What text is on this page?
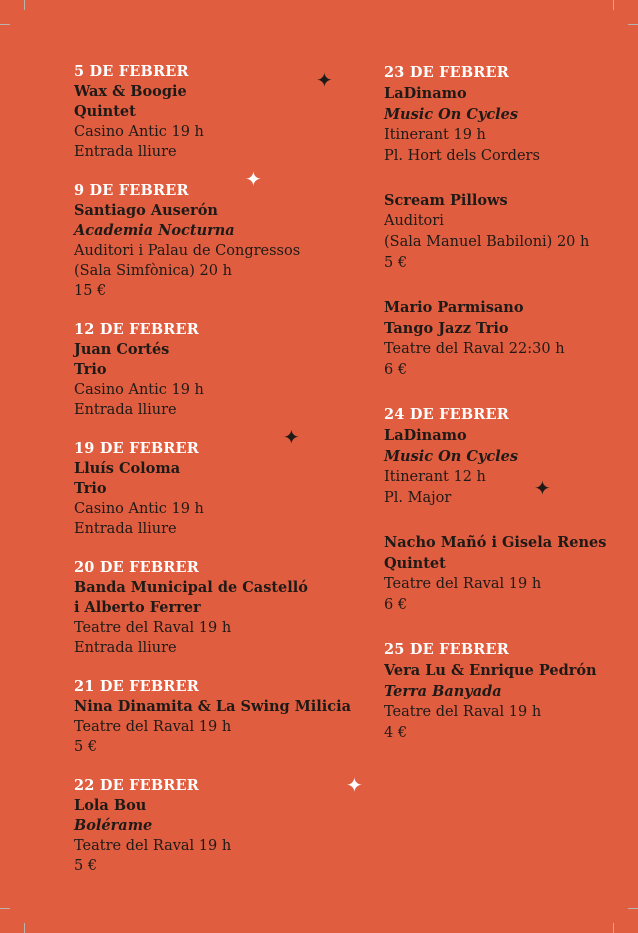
5 DE FEBRER
Wax & Boogie
Quintet
Casino Antic 19 h
Entrada lliure
9 DE FEBRER
Santiago Auserón
Academia Nocturna
Auditori i Palau de Congressos
(Sala Simfònica) 20 h
15 €
12 DE FEBRER
Juan Cortés
Trio
Casino Antic 19 h
Entrada lliure
19 DE FEBRER
Lluís Coloma
Trio
Casino Antic 19 h
Entrada lliure
20 DE FEBRER
Banda Municipal de Castelló
i Alberto Ferrer
Teatre del Raval 19 h
Entrada lliure
21 DE FEBRER
Nina Dinamita & La Swing Milicia
Teatre del Raval 19 h
5 €
22 DE FEBRER
Lola Bou
Bolérame
Teatre del Raval 19 h
5 €
23 DE FEBRER
LaDinamo
Music On Cycles
Itinerant 19 h
Pl. Hort dels Corders
Scream Pillows
Auditori
(Sala Manuel Babiloni) 20 h
5 €
Mario Parmisano
Tango Jazz Trio
Teatre del Raval 22:30 h
6 €
24 DE FEBRER
LaDinamo
Music On Cycles
Itinerant 12 h
Pl. Major
Nacho Mañó i Gisela Renes
Quintet
Teatre del Raval 19 h
6 €
25 DE FEBRER
Vera Lu & Enrique Pedrón
Terra Banyada
Teatre del Raval 19 h
4 €
✦
✦
✦
✦
✦
